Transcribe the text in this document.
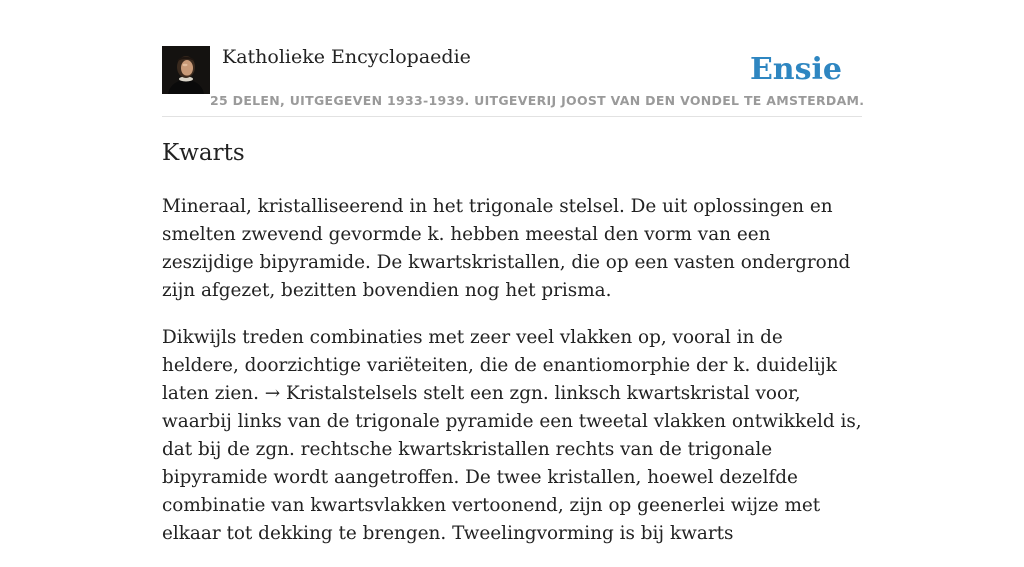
Katholieke Encyclopaedie
25 DELEN, UITGEGEVEN 1933-1939. UITGEVERIJ JOOST VAN DEN VONDEL TE AMSTERDAM.
Ensie
Kwarts

Mineraal, kristalliseerend in het trigonale stelsel. De uit oplossingen en smelten zwevend gevormde k. hebben meestal den vorm van een zeszijdige bipyramide. De kwartskristallen, die op een vasten ondergrond zijn afgezet, bezitten bovendien nog het prisma.

Dikwijls treden combinaties met zeer veel vlakken op, vooral in de heldere, doorzichtige variëteiten, die de enantiomorphie der k. duidelijk laten zien. → Kristalstelsels stelt een zgn. linksch kwartskristal voor, waarbij links van de trigonale pyramide een tweetal vlakken ontwikkeld is, dat bij de zgn. rechtsche kwartskristallen rechts van de trigonale bipyramide wordt aangetroffen. De twee kristallen, hoewel dezelfde combinatie van kwartsvlakken vertoonend, zijn op geenerlei wijze met elkaar tot dekking te brengen. Tweelingvorming is bij kwarts
